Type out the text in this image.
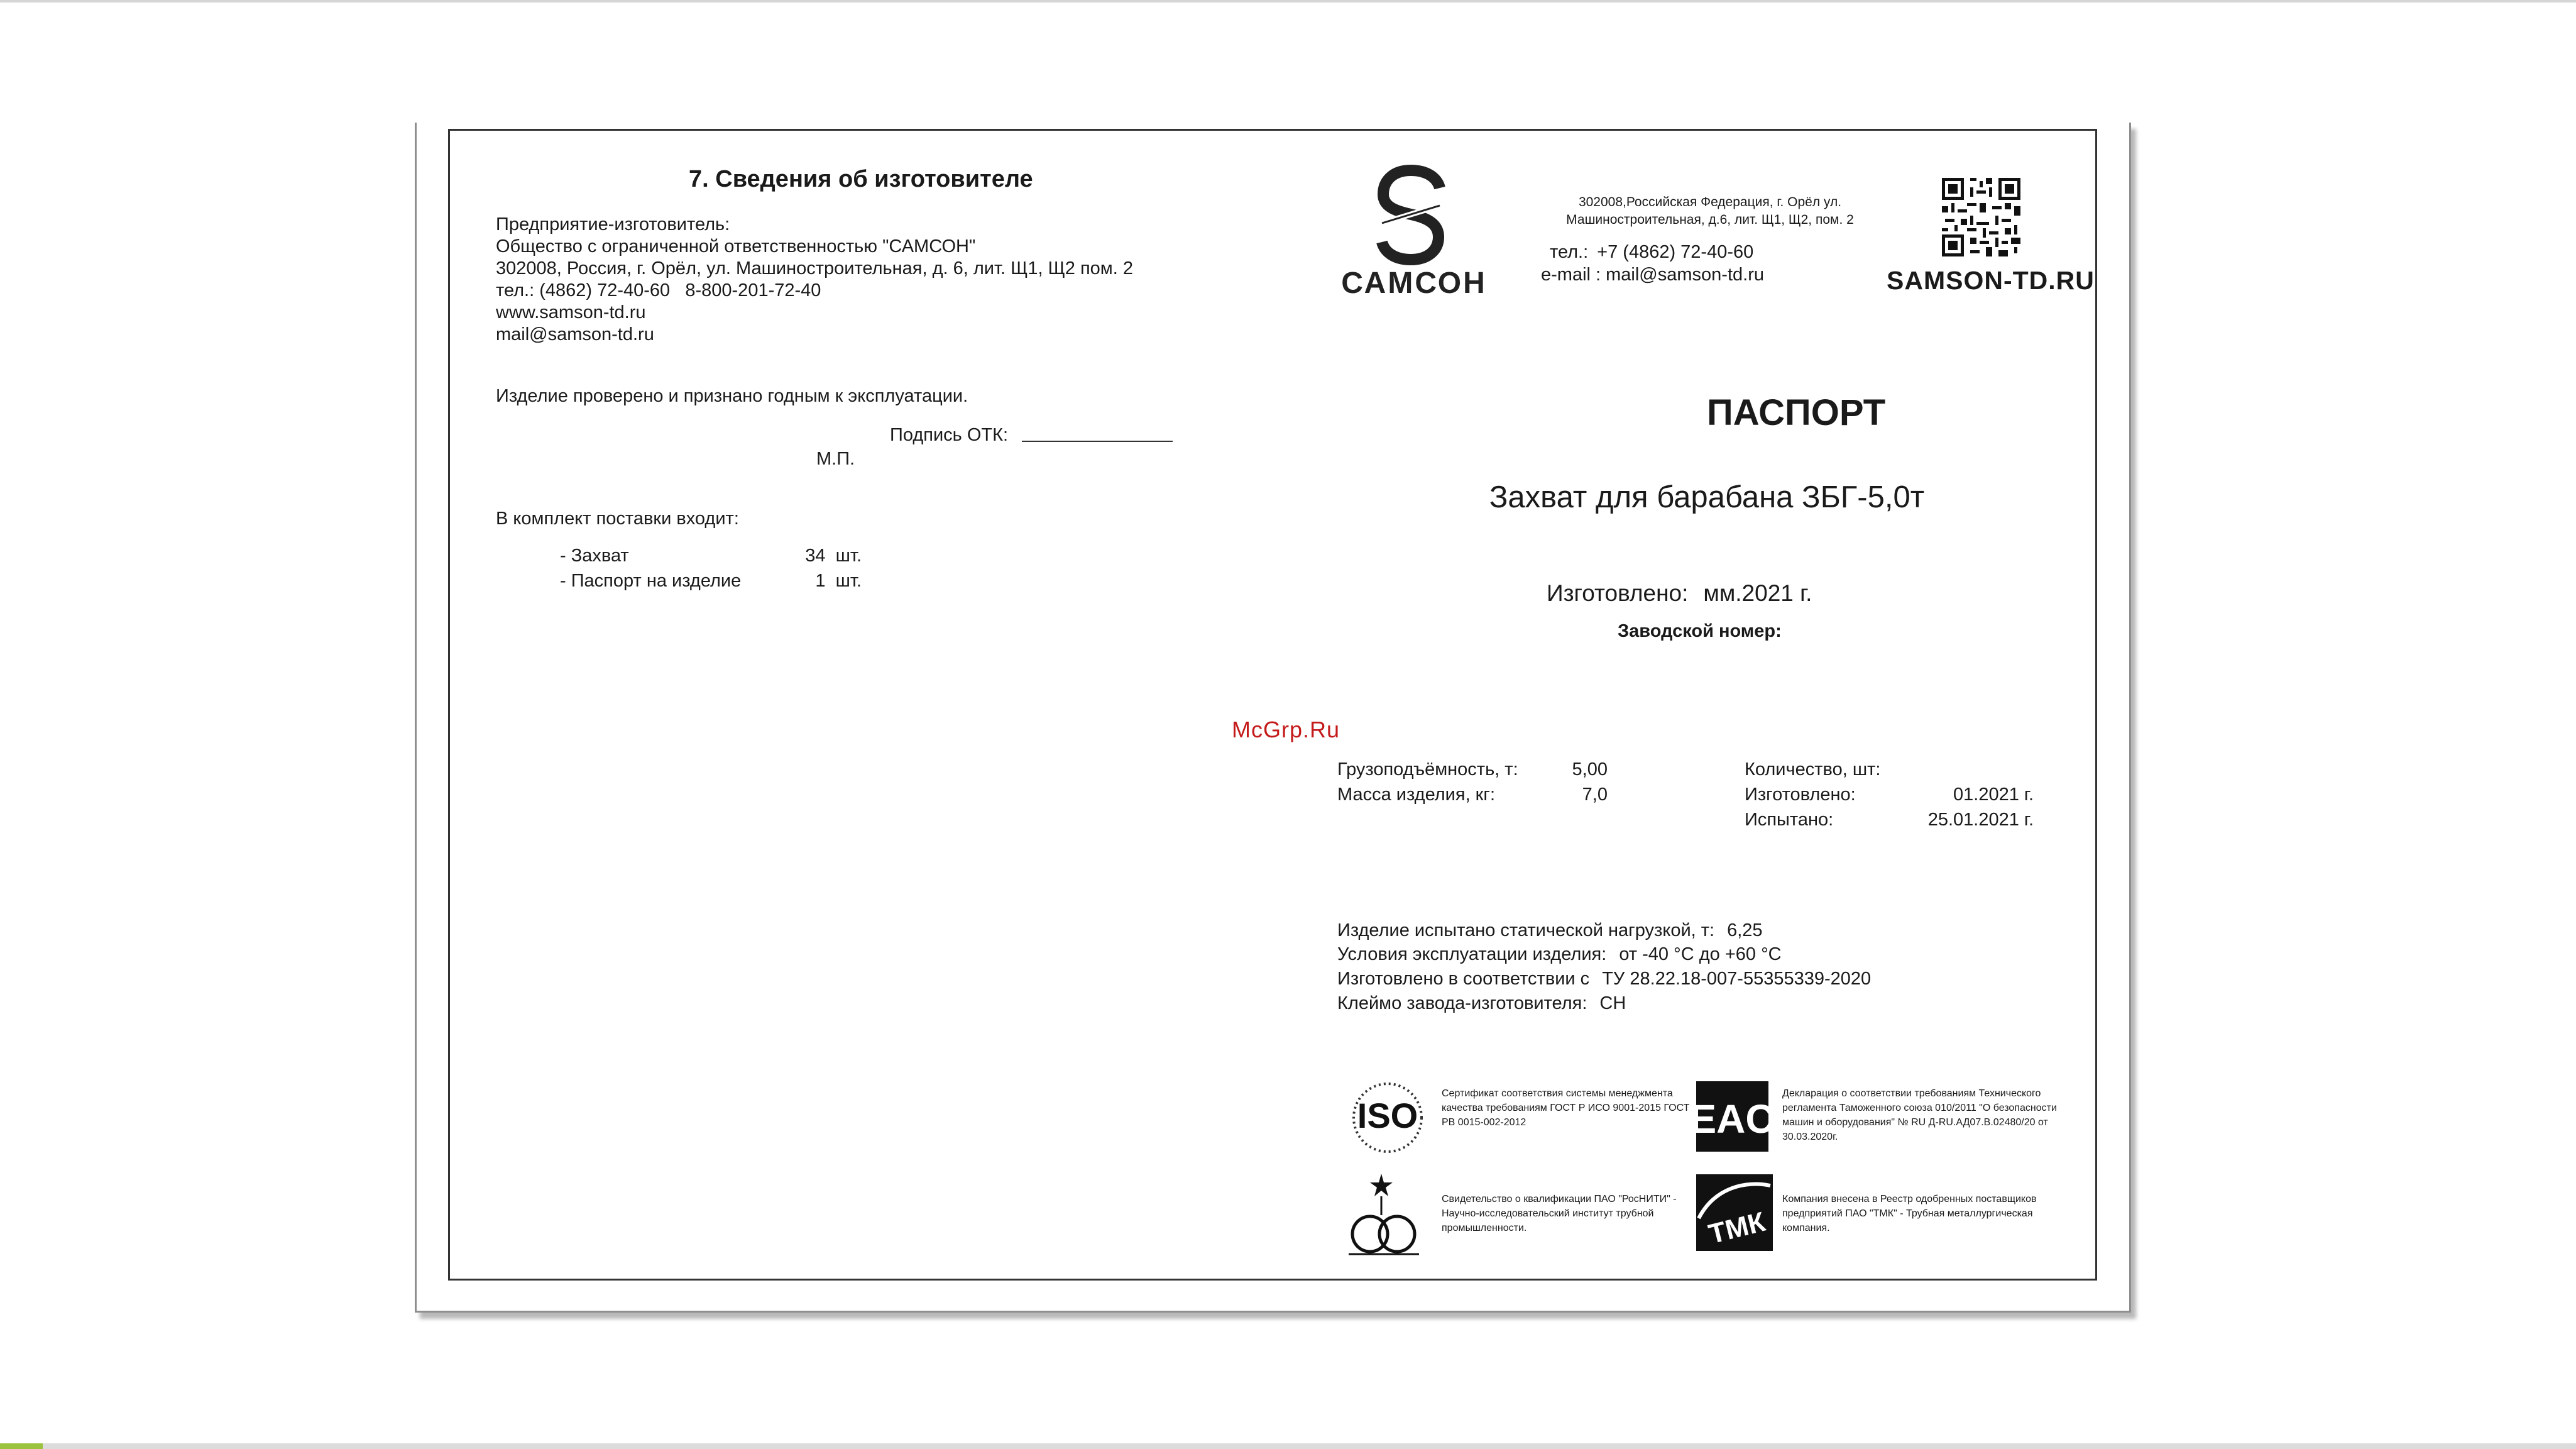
7. Сведения об изготовителе
Предприятие-изготовитель:
Общество с ограниченной ответственностью "САМСОН"
302008, Россия, г. Орёл, ул. Машиностроительная, д. 6, лит. Щ1, Щ2 пом. 2
тел.: (4862) 72-40-60   8-800-201-72-40
www.samson-td.ru
mail@samson-td.ru
Изделие проверено и признано годным к эксплуатации.
Подпись ОТК:
М.П.
В комплект поставки входит:
- Захват	34  шт.
- Паспорт на изделие	1  шт.
САМСОН
302008,Российская Федерация, г. Орёл ул. Машиностроительная, д.6, лит. Щ1, Щ2, пом. 2
тел.: +7 (4862) 72-40-60
e-mail : mail@samson-td.ru	SAMSON-TD.RU
ПАСПОРТ
Захват для барабана ЗБГ-5,0т
Изготовлено: мм.2021 г.
Заводской номер:
McGrp.Ru
Грузоподъёмность, т:	5,00
Масса изделия, кг:	7,0
Количество, шт:
Изготовлено:	01.2021 г.
Испытано:	25.01.2021 г.
Изделие испытано статической нагрузкой, т: 6,25
Условия эксплуатации изделия: от -40 °С до +60 °С
Изготовлено в соответствии с ТУ 28.22.18-007-55355339-2020
Клеймо завода-изготовителя: СН
ISO
Сертификат соответствия системы менеджмента качества требованиям ГОСТ Р ИСО 9001-2015 ГОСТ РВ 0015-002-2012	EAC
Декларация о соответствии требованиям Технического регламента Таможенного союза 010/2011 "О безопасности машин и оборудования" № RU Д-RU.АД07.В.02480/20 от 30.03.2020г.
Свидетельство о квалификации ПАО "РосНИТИ" - Научно-исследовательский институт трубной промышленности.	ТМК
Компания внесена в Реестр одобренных поставщиков предприятий ПАО "ТМК" - Трубная металлургическая компания.
